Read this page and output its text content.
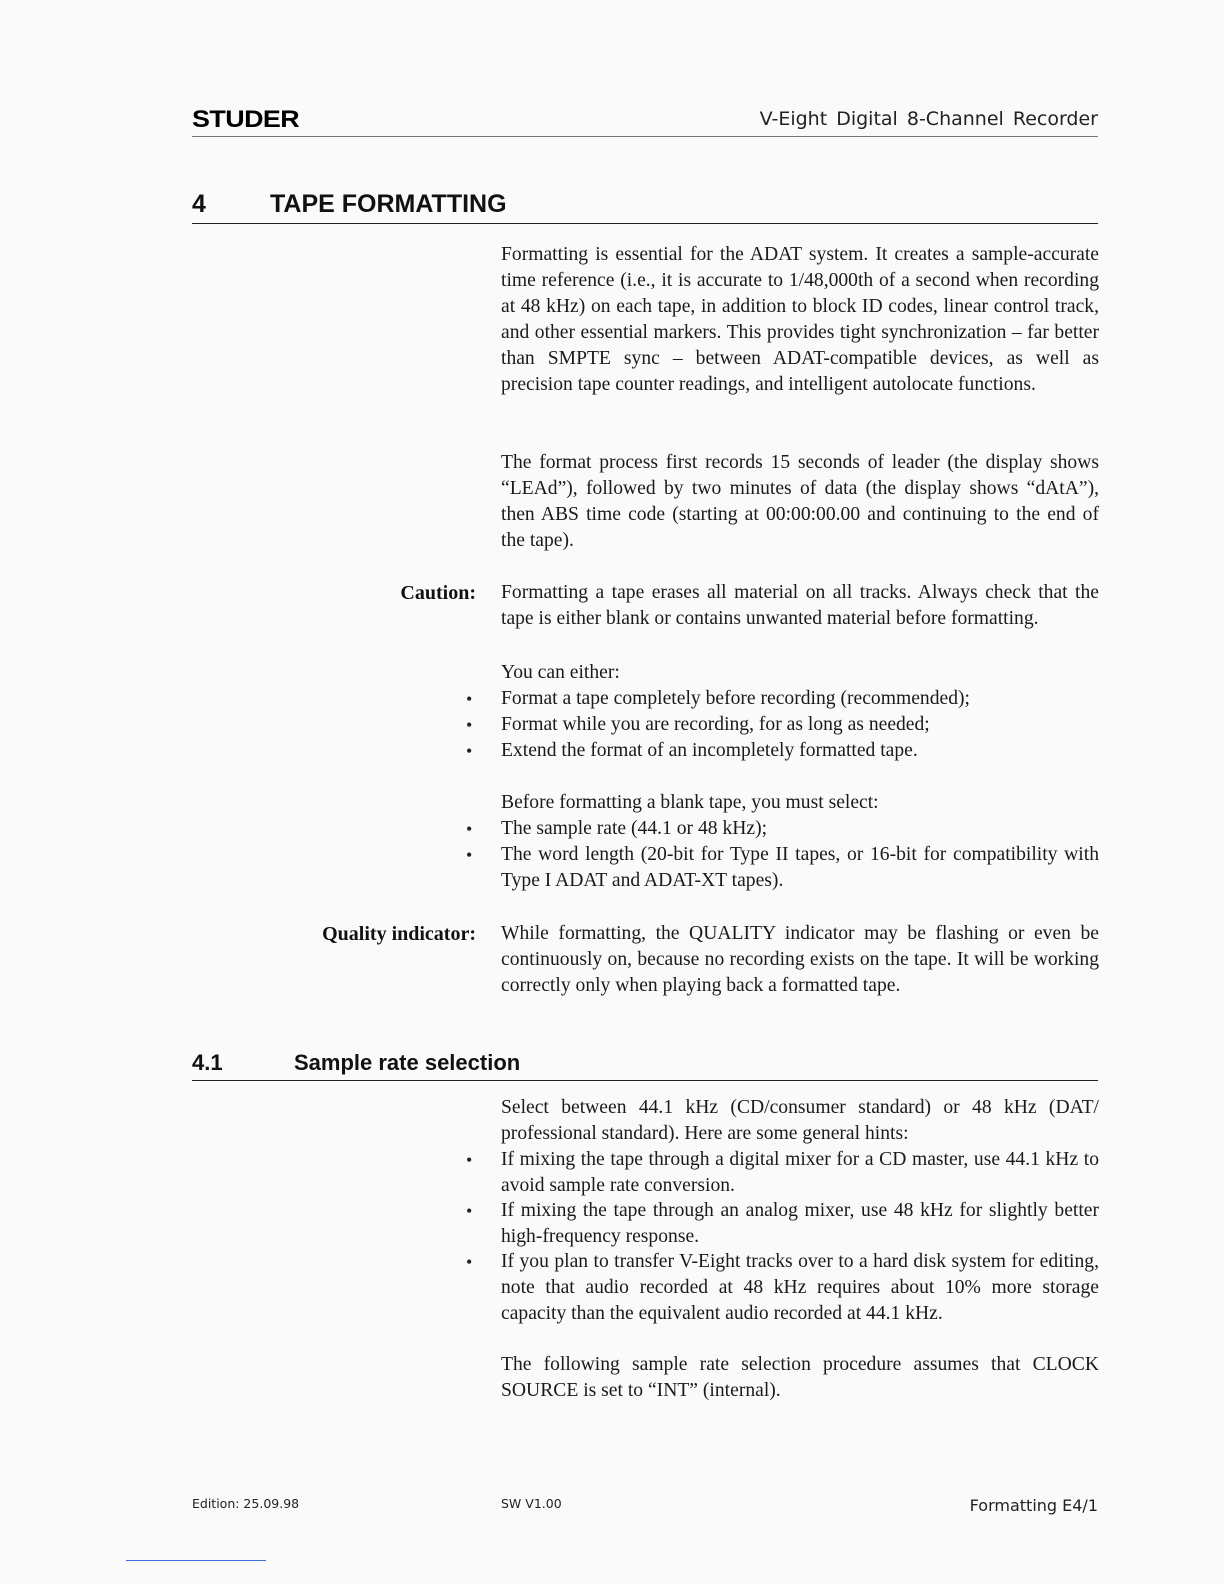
STUDER	V-Eight Digital 8-Channel Recorder
4	TAPE FORMATTING

Formatting is essential for the ADAT system. It creates a sample-accurate time reference (i.e., it is accurate to 1/48,000th of a second when recording at 48 kHz) on each tape, in addition to block ID codes, linear control track, and other essential markers. This provides tight synchronization – far better than SMPTE sync – between ADAT-compatible devices, as well as precision tape counter readings, and intelligent autolocate functions.

The format process first records 15 seconds of leader (the display shows “LEAd”), followed by two minutes of data (the display shows “dAtA”), then ABS time code (starting at 00:00:00.00 and continuing to the end of the tape).

Caution: Formatting a tape erases all material on all tracks. Always check that the tape is either blank or contains unwanted material before formatting.

You can either:

• Format a tape completely before recording (recommended);

• Format while you are recording, for as long as needed;

• Extend the format of an incompletely formatted tape.

Before formatting a blank tape, you must select:

• The sample rate (44.1 or 48 kHz);

• The word length (20-bit for Type II tapes, or 16-bit for compatibility with Type I ADAT and ADAT-XT tapes).

Quality indicator: While formatting, the QUALITY indicator may be flashing or even be continuously on, because no recording exists on the tape. It will be working correctly only when playing back a formatted tape.

4.1	Sample rate selection

Select between 44.1 kHz (CD/consumer standard) or 48 kHz (DAT/ professional standard). Here are some general hints:

• If mixing the tape through a digital mixer for a CD master, use 44.1 kHz to avoid sample rate conversion.

• If mixing the tape through an analog mixer, use 48 kHz for slightly better high-frequency response.

• If you plan to transfer V-Eight tracks over to a hard disk system for editing, note that audio recorded at 48 kHz requires about 10% more storage capacity than the equivalent audio recorded at 44.1 kHz.

The following sample rate selection procedure assumes that CLOCK SOURCE is set to “INT” (internal).

Edition: 25.09.98	SW V1.00	Formatting E4/1
